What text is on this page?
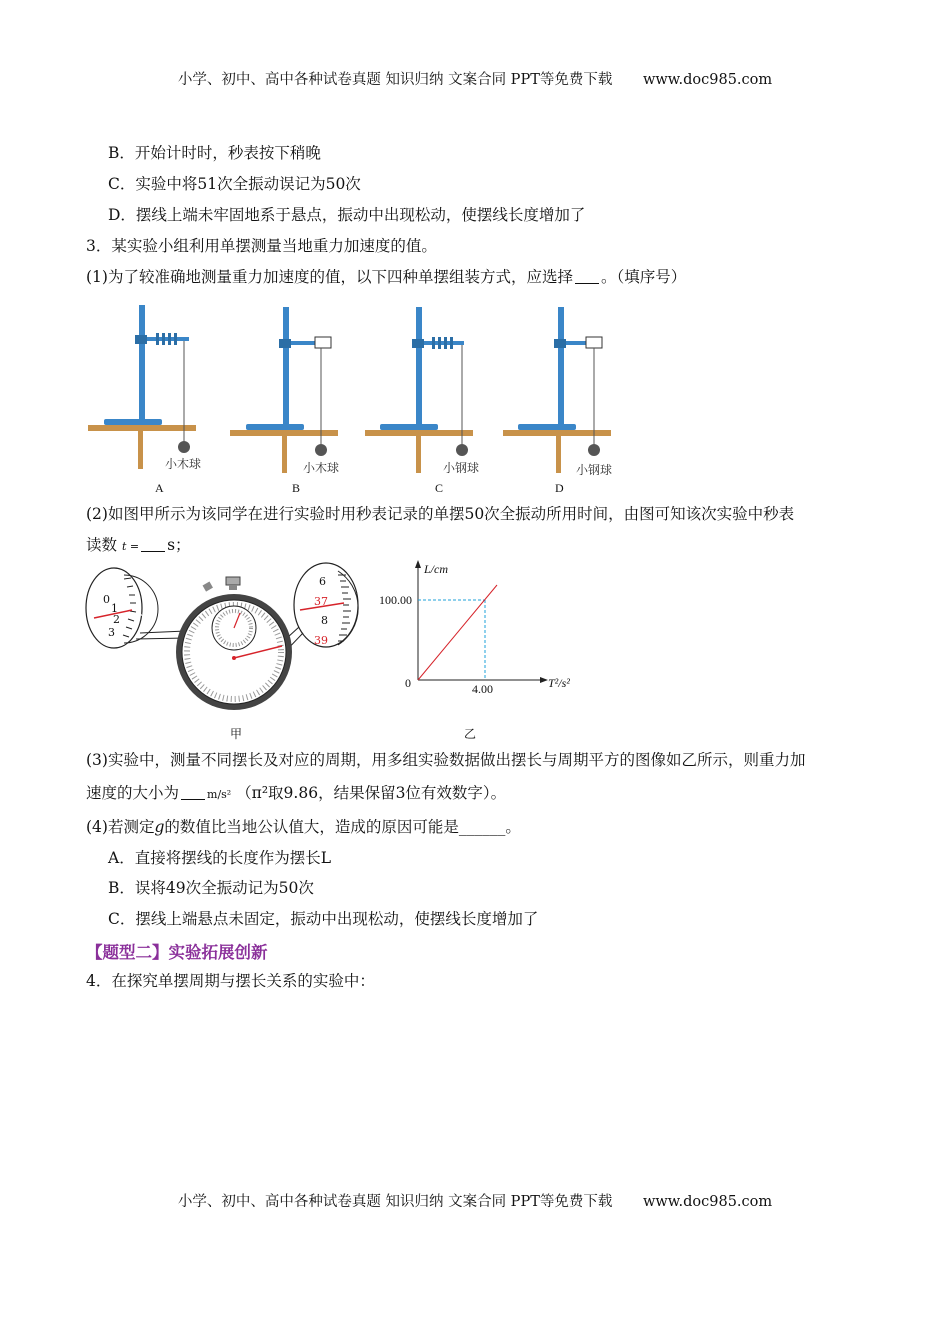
小学、初中、高中各种试卷真题 知识归纳 文案合同 PPT等免费下载 www.doc985.com
B．开始计时时，秒表按下稍晚
C．实验中将51次全振动误记为50次
D．摆线上端未牢固地系于悬点，振动中出现松动，使摆线长度增加了
3．某实验小组利用单摆测量当地重力加速度的值。
(1)为了较准确地测量重力加速度的值，以下四种单摆组装方式，应选择 。（填序号）
小木球	小木球	小钢球	小钢球
A	B	C	D
(2)如图甲所示为该同学在进行实验时用秒表记录的单摆50次全振动所用时间，由图可知该次实验中秒表
读数 t = s；
0
1
2
3
6
37
8
39
甲
L/cm
T²/s²
100.00
0	4.00
乙
(3)实验中，测量不同摆长及对应的周期，用多组实验数据做出摆长与周期平方的图像如乙所示，则重力加
速度的大小为	m/s² （π²取9.86，结果保留3位有效数字）。
(4)若测定g的数值比当地公认值大，造成的原因可能是______。
A．直接将摆线的长度作为摆长L
B．误将49次全振动记为50次
C．摆线上端悬点未固定，振动中出现松动，使摆线长度增加了
【题型二】实验拓展创新
4．在探究单摆周期与摆长关系的实验中：
小学、初中、高中各种试卷真题 知识归纳 文案合同 PPT等免费下载 www.doc985.com
